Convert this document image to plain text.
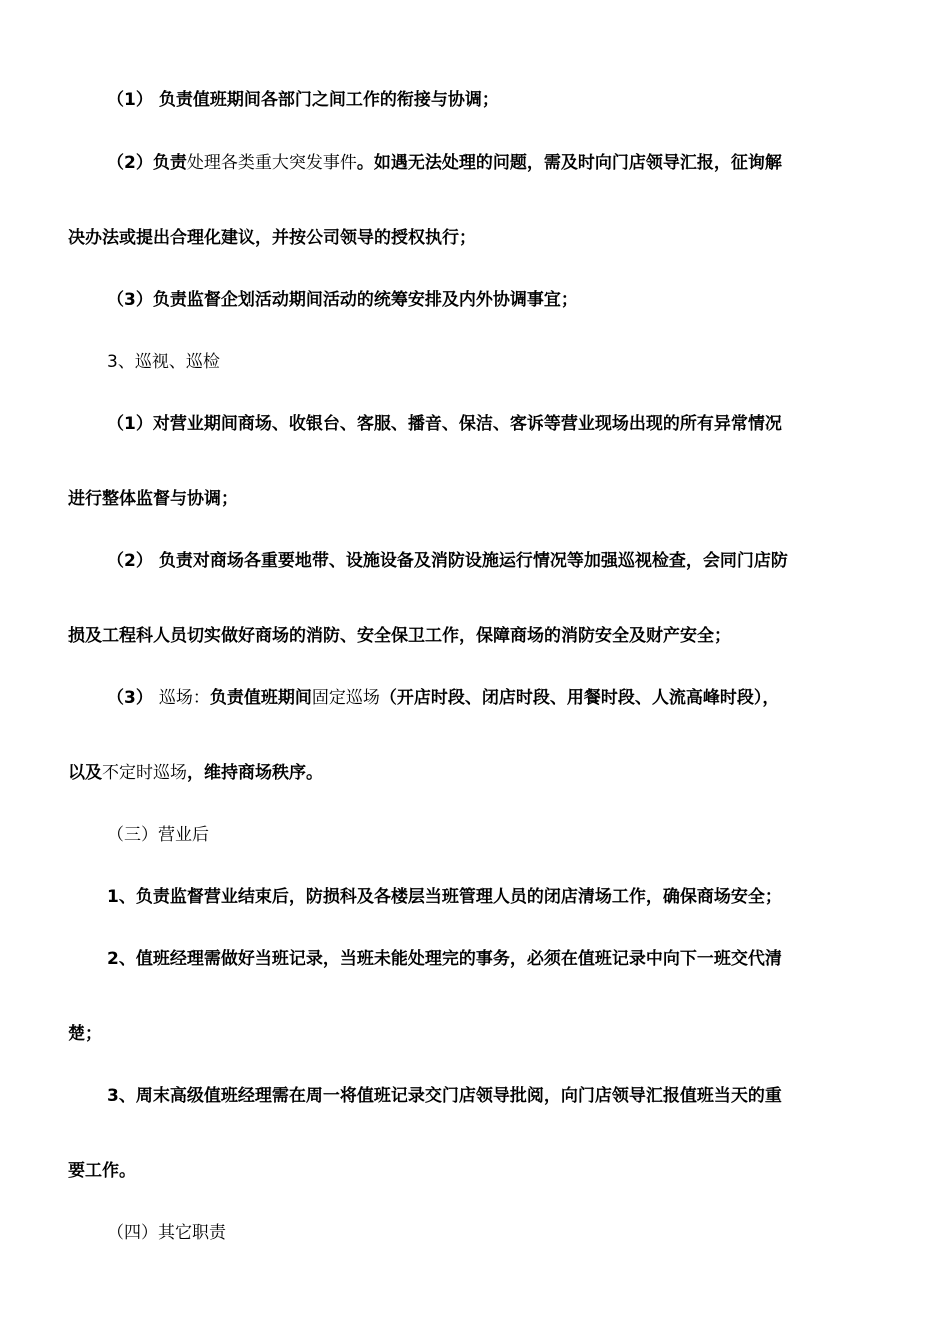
（1） 负责值班期间各部门之间工作的衔接与协调；
（2）负责处理各类重大突发事件。如遇无法处理的问题，需及时向门店领导汇报，征询解
决办法或提出合理化建议，并按公司领导的授权执行；
（3）负责监督企划活动期间活动的统筹安排及内外协调事宜；
3、巡视、巡检
（1）对营业期间商场、收银台、客服、播音、保洁、客诉等营业现场出现的所有异常情况
进行整体监督与协调；
（2） 负责对商场各重要地带、设施设备及消防设施运行情况等加强巡视检查，会同门店防
损及工程科人员切实做好商场的消防、安全保卫工作，保障商场的消防安全及财产安全；
（3） 巡场：负责值班期间固定巡场（开店时段、闭店时段、用餐时段、人流高峰时段），
以及不定时巡场，维持商场秩序。
（三）营业后
1、负责监督营业结束后，防损科及各楼层当班管理人员的闭店清场工作，确保商场安全；
2、值班经理需做好当班记录，当班未能处理完的事务，必须在值班记录中向下一班交代清
楚；
3、周末高级值班经理需在周一将值班记录交门店领导批阅，向门店领导汇报值班当天的重
要工作。
（四）其它职责
